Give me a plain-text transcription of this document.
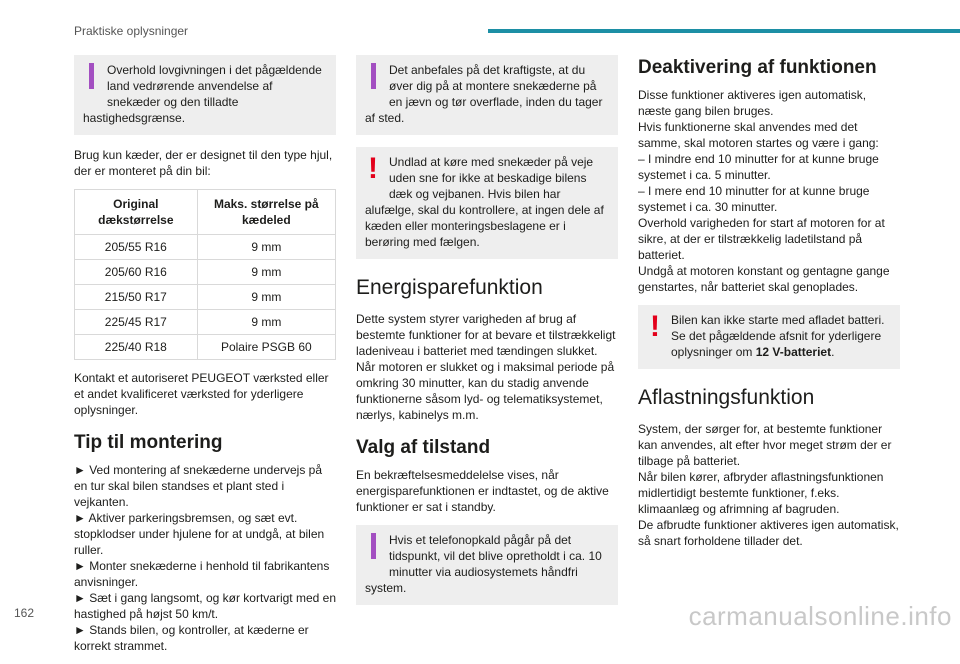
Praktiske oplysninger
Overhold lovgivningen i det pågældende land vedrørende anvendelse af snekæder og den tilladte hastighedsgrænse.

Brug kun kæder, der er designet til den type hjul, der er monteret på din bil:

Original dækstørrelse	Maks. størrelse på kædeled
205/55 R16	9 mm
205/60 R16	9 mm
215/50 R17	9 mm
225/45 R17	9 mm
225/40 R18	Polaire PSGB 60

Kontakt et autoriseret PEUGEOT værksted eller et andet kvalificeret værksted for yderligere oplysninger.

Tip til montering

► Ved montering af snekæderne undervejs på en tur skal bilen standses et plant sted i vejkanten.
► Aktiver parkeringsbremsen, og sæt evt. stopklodser under hjulene for at undgå, at bilen ruller.
► Monter snekæderne i henhold til fabrikantens anvisninger.
► Sæt i gang langsomt, og kør kortvarigt med en hastighed på højst 50 km/t.
► Stands bilen, og kontroller, at kæderne er korrekt strammet.

Det anbefales på det kraftigste, at du øver dig på at montere snekæderne på en jævn og tør overflade, inden du tager af sted.
! Undlad at køre med snekæder på veje uden sne for ikke at beskadige bilens dæk og vejbanen. Hvis bilen har alufælge, skal du kontrollere, at ingen dele af kæden eller monteringsbeslagene er i berøring med fælgen.
Energisparefunktion

Dette system styrer varigheden af brug af bestemte funktioner for at bevare et tilstrækkeligt ladeniveau i batteriet med tændingen slukket. Når motoren er slukket og i maksimal periode på omkring 30 minutter, kan du stadig anvende funktionerne såsom lyd- og telematiksystemet, nærlys, kabinelys m.m.

Valg af tilstand

En bekræftelsesmeddelelse vises, når energisparefunktionen er indtastet, og de aktive funktioner er sat i standby.

Hvis et telefonopkald pågår på det tidspunkt, vil det blive opretholdt i ca. 10 minutter via audiosystemets håndfri system.
Deaktivering af funktionen

Disse funktioner aktiveres igen automatisk, næste gang bilen bruges.
Hvis funktionerne skal anvendes med det samme, skal motoren startes og være i gang:
– I mindre end 10 minutter for at kunne bruge systemet i ca. 5 minutter.
– I mere end 10 minutter for at kunne bruge systemet i ca. 30 minutter.
Overhold varigheden for start af motoren for at sikre, at der er tilstrækkelig ladetilstand på batteriet.
Undgå at motoren konstant og gentagne gange genstartes, når batteriet skal genoplades.

! Bilen kan ikke starte med afladet batteri. Se det pågældende afsnit for yderligere oplysninger om 12 V-batteriet.
Aflastningsfunktion

System, der sørger for, at bestemte funktioner kan anvendes, alt efter hvor meget strøm der er tilbage på batteriet.
Når bilen kører, afbryder aflastningsfunktionen midlertidigt bestemte funktioner, f.eks. klimaanlæg og afrimning af bagruden.
De afbrudte funktioner aktiveres igen automatisk, så snart forholdene tillader det.

162	carmanualsonline.info
